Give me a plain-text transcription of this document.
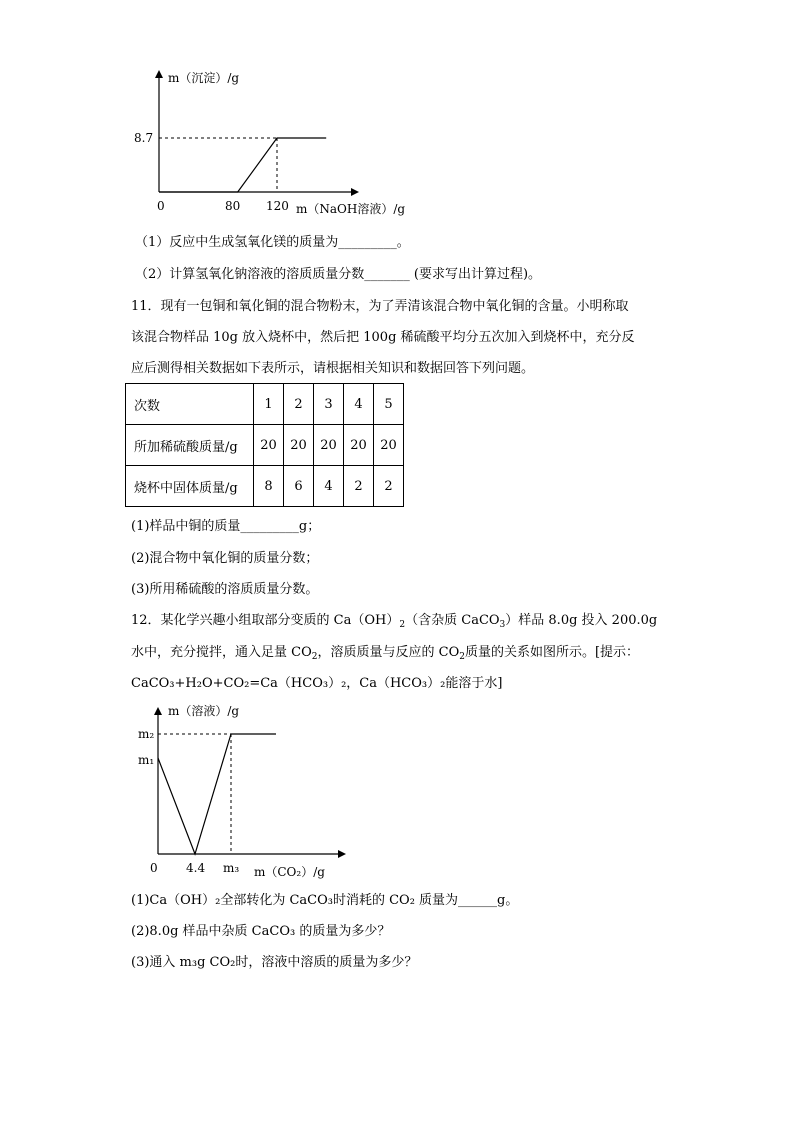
m（沉淀）/g
8.7
0	80 120 m（NaOH溶液）/g
（1）反应中生成氢氧化镁的质量为_________。
（2）计算氢氧化钠溶液的溶质质量分数_______ (要求写出计算过程)。
11．现有一包铜和氧化铜的混合物粉末，为了弄清该混合物中氧化铜的含量。小明称取
该混合物样品 10g 放入烧杯中，然后把 100g 稀硫酸平均分五次加入到烧杯中，充分反
应后测得相关数据如下表所示，请根据相关知识和数据回答下列问题。
次数	1	2	3	4	5
所加稀硫酸质量/g	20	20	20	20	20
烧杯中固体质量/g	8	6	4	2	2
(1)样品中铜的质量_________g；
(2)混合物中氧化铜的质量分数；
(3)所用稀硫酸的溶质质量分数。
12．某化学兴趣小组取部分变质的 $Ca(OH)_2$（含杂质 CaCO$_3$）样品 8.0g 投入 200.0g
水中，充分搅拌，通入足量 $CO_2$，溶质质量与反应的 $CO_2$质量的关系如图所示。[提示：
CaCO₃+H₂O+CO₂=Ca（HCO₃）₂，Ca（HCO₃）₂能溶于水]
m（溶液）/g
m₂
m₁
0 4.4 m₃ m（CO₂）/g
(1)Ca（OH）₂全部转化为 CaCO₃时消耗的 CO₂ 质量为______g。
(2)8.0g 样品中杂质 CaCO₃ 的质量为多少？
(3)通入 m₃g CO₂时，溶液中溶质的质量为多少？
